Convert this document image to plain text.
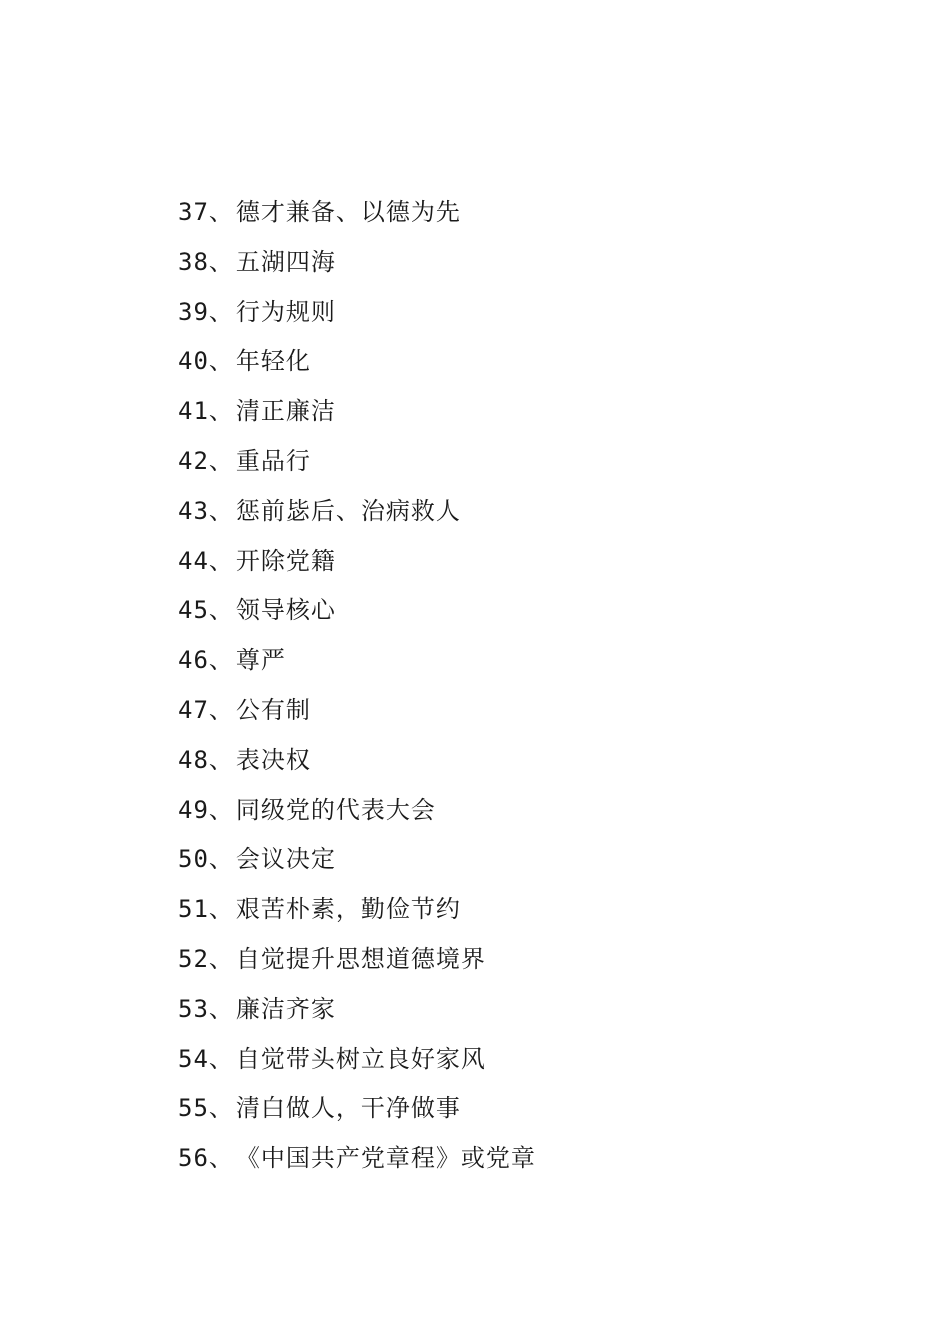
37、德才兼备、以德为先
38、五湖四海
39、行为规则
40、年轻化
41、清正廉洁
42、重品行
43、惩前毖后、治病救人
44、开除党籍
45、领导核心
46、尊严
47、公有制
48、表决权
49、同级党的代表大会
50、会议决定
51、艰苦朴素，勤俭节约
52、自觉提升思想道德境界
53、廉洁齐家
54、自觉带头树立良好家风
55、清白做人，干净做事
56、《中国共产党章程》或党章
